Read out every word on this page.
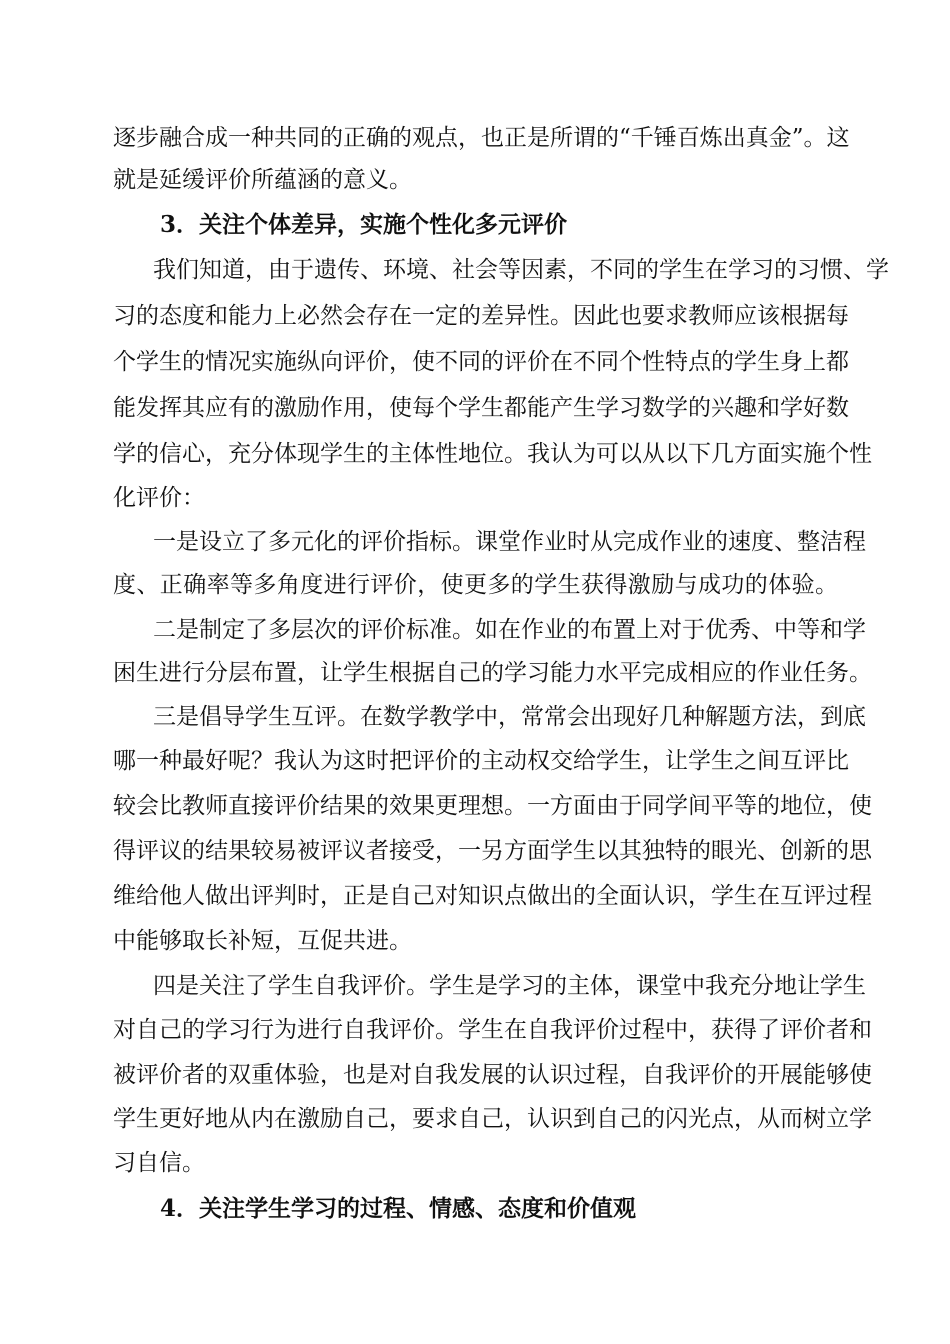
逐步融合成一种共同的正确的观点，也正是所谓的“千锤百炼出真金”。这
就是延缓评价所蕴涵的意义。
3．关注个体差异，实施个性化多元评价
我们知道，由于遗传、环境、社会等因素，不同的学生在学习的习惯、学
习的态度和能力上必然会存在一定的差异性。因此也要求教师应该根据每
个学生的情况实施纵向评价，使不同的评价在不同个性特点的学生身上都
能发挥其应有的激励作用，使每个学生都能产生学习数学的兴趣和学好数
学的信心，充分体现学生的主体性地位。我认为可以从以下几方面实施个性
化评价：
一是设立了多元化的评价指标。课堂作业时从完成作业的速度、整洁程
度、正确率等多角度进行评价，使更多的学生获得激励与成功的体验。
二是制定了多层次的评价标准。如在作业的布置上对于优秀、中等和学
困生进行分层布置，让学生根据自己的学习能力水平完成相应的作业任务。
三是倡导学生互评。在数学教学中，常常会出现好几种解题方法，到底
哪一种最好呢？我认为这时把评价的主动权交给学生，让学生之间互评比
较会比教师直接评价结果的效果更理想。一方面由于同学间平等的地位，使
得评议的结果较易被评议者接受，一另方面学生以其独特的眼光、创新的思
维给他人做出评判时，正是自己对知识点做出的全面认识，学生在互评过程
中能够取长补短，互促共进。
四是关注了学生自我评价。学生是学习的主体，课堂中我充分地让学生
对自己的学习行为进行自我评价。学生在自我评价过程中，获得了评价者和
被评价者的双重体验，也是对自我发展的认识过程，自我评价的开展能够使
学生更好地从内在激励自己，要求自己，认识到自己的闪光点，从而树立学
习自信。
4．关注学生学习的过程、情感、态度和价值观
